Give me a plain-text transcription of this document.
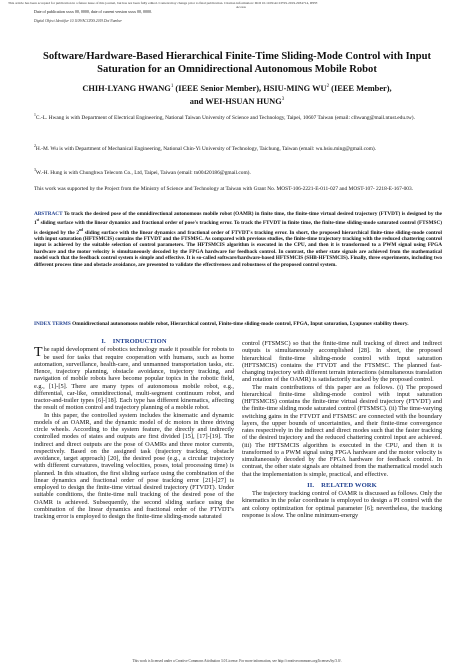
This article has been accepted for publication in a future issue of this journal, but has not been fully edited. Content may change prior to final publication. Citation information: DOI 10.1109/ACCESS.2019.2934714, IEEE
Access
Date of publication xxxx 00, 0000, date of current version xxxx 00, 0000.
Digital Object Identifier 10.1109/ACCESS.2019.Doi Number
Software/Hardware-Based Hierarchical Finite-Time Sliding-Mode Control with Input Saturation for an Omnidirectional Autonomous Mobile Robot
CHIH-LYANG HWANG$^1$ (IEEE Senior Member), HSIU-MING $WU^2$ (IEEE Member),
and WEI-HSUAN HUNG$^3$
$^1$C.-L. Hwang is with Department of Electrical Engineering, National Taiwan University of Science and Technology, Taipei, 10607 Taiwan (email: clhwang@mail.ntust.edu.tw).
$^2$H.-M. Wu is with Department of Mechanical Engineering, National Chin-Yi University of Technology, Taichung, Taiwan (email: wu.hsiu.ming@gmail.com).
$^3$W.-H. Hung is with Chunghwa Telecom Co., Ltd, Taipei, Taiwan (email: tn00420186@gmail.com).
This work was supported by the Project from the Ministry of Science and Technology at Taiwan with Grant No. MOST-106-2221-E-011-027 and MOST-107- 2218-E-167-003.
ABSTRACT To track the desired pose of the omnidirectional autonomous mobile robot (OAMR) in finite time, the finite-time virtual desired trajectory (FTVDT) is designed by the 1st sliding surface with the linear dynamics and fractional order of pose's tracking error. To track the FTVDT in finite time, the finite-time sliding-mode saturated control (FTSMSC) is designed by the 2nd sliding surface with the linear dynamics and fractional order of FTVDT's tracking error. In short, the proposed hierarchical finite-time sliding-mode control with input saturation (HFTSMCIS) contains the FTVDT and the FTSMSC. As compared with previous studies, the finite-time trajectory tracking with the reduced chattering control input is achieved by the suitable selection of control parameters. The HFTSMCIS algorithm is executed in the CPU, and then it is transformed to a PWM signal using FPGA hardware and the motor velocity is simultaneously decoded by the FPGA hardware for feedback control. In contrast, the other state signals are achieved from the mathematical model such that the feedback control system is simple and effective. It is so-called software/hardware-based HFTSMCIS (SHB-HFTSMCIS). Finally, three experiments, including two different process time and obstacle avoidance, are presented to validate the effectiveness and robustness of the proposed control system.
INDEX TERMS Omnidirectional autonomous mobile robot, Hierarchical control, Finite-time sliding-mode control, FPGA, Input saturation, Lyapunov stability theory.
I.    INTRODUCTION

The rapid development of robotics technology made it possible for robots to be used for tasks that require cooperation with humans, such as home automation, surveillance, health-care, and unmanned transportation tasks, etc. Hence, trajectory planning, obstacle avoidance, trajectory tracking, and navigation of mobile robots have become popular topics in the robotic field, e.g., [1]-[5]. There are many types of autonomous mobile robot, e.g., differential, car-like, omnidirectional, multi-segment continuum robot, and tractor-and-trailer types [6]-[18]. Each type has different kinematics, affecting the result of motion control and trajectory planning of a mobile robot.

In this paper, the controlled system includes the kinematic and dynamic models of an OAMR, and the dynamic model of dc motors in three driving circle wheels. According to the system feature, the directly and indirectly controlled modes of states and outputs are first divided [15], [17]-[19]. The indirect and direct outputs are the pose of OAMRs and three motor currents, respectively. Based on the assigned task (trajectory tracking, obstacle avoidance, target approach) [20], the desired pose (e.g., a circular trajectory with different curvatures, traveling velocities, poses, total processing time) is planned. In this situation, the first sliding surface using the combination of the linear dynamics and fractional order of pose tracking error [21]-[27] is employed to design the finite-time virtual desired trajectory (FTVDT). Under suitable conditions, the finite-time null tracking of the desired pose of the OAMR is achieved. Subsequently, the second sliding surface using the combination of the linear dynamics and fractional order of the FTVDT's tracking error is employed to design the finite-time sliding-mode saturated

control (FTSMSC) so that the finite-time null tracking of direct and indirect outputs is simultaneously accomplished [28]. In short, the proposed hierarchical finite-time sliding-mode control with input saturation (HFTSMCIS) contains the FTVDT and the FTSMSC. The planned fast-changing trajectory with different terrain interactions (simultaneous translation and rotation of the OAMR) is satisfactorily tracked by the proposed control.

The main contributions of this paper are as follows. (i) The proposed hierarchical finite-time sliding-mode control with input saturation (HFTSMCIS) contains the finite-time virtual desired trajectory (FTVDT) and the finite-time sliding mode saturated control (FTSMSC). (ii) The time-varying switching gains in the FTVDT and FTSMSC are connected with the boundary layers, the upper bounds of uncertainties, and their finite-time convergence rates respectively in the indirect and direct modes such that the faster tracking of the desired trajectory and the reduced chattering control input are achieved. (iii) The HFTSMCIS algorithm is executed in the CPU, and then it is transformed to a PWM signal using FPGA hardware and the motor velocity is simultaneously decoded by the FPGA hardware for feedback control. In contrast, the other state signals are obtained from the mathematical model such that the implementation is simple, practical, and effective.

II.    RELATED WORK

The trajectory tracking control of OAMR is discussed as follows. Only the kinematics in the polar coordinate is employed to design a PI control with the ant colony optimization for optimal parameter [6]; nevertheless, the tracking response is slow. The online minimum-energy

This work is licensed under a Creative Commons Attribution 3.0 License. For more information, see http://creativecommons.org/licenses/by/3.0/.
